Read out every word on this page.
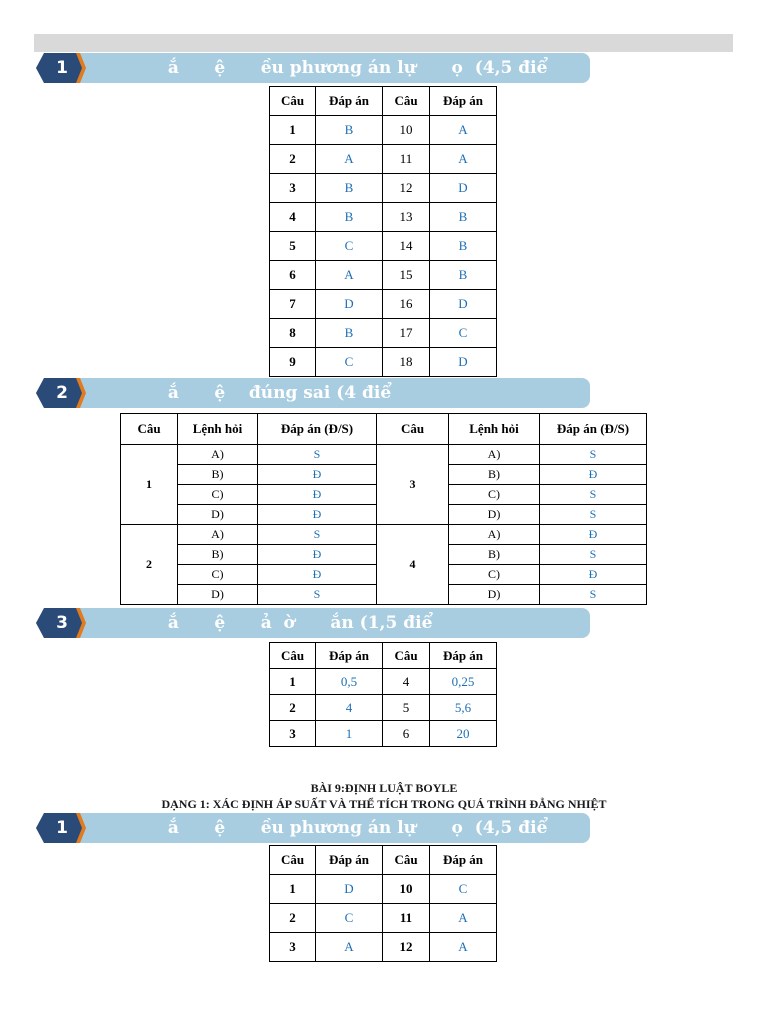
1	ắ      ệ      ều phương án lự      ọ  (4,5 điể
Câu	Đáp án	Câu	Đáp án
1	B	10	A
2	A	11	A
3	B	12	D
4	B	13	B
5	C	14	B
6	A	15	B
7	D	16	D
8	B	17	C
9	C	18	D
2	ắ      ệ    đúng sai (4 điể
Câu	Lệnh hỏi	Đáp án (Đ/S)	Câu	Lệnh hỏi	Đáp án (Đ/S)
1	A)	S	3	A)	S
	B)	Đ		B)	Đ
	C)	Đ		C)	S
	D)	Đ		D)	S
2	A)	S	4	A)	Đ
	B)	Đ		B)	S
	C)	Đ		C)	Đ
	D)	S		D)	S
3	ắ      ệ      ả  ờ      ắn (1,5 điể
Câu	Đáp án	Câu	Đáp án
1	0,5	4	0,25
2	4	5	5,6
3	1	6	20
BÀI 9:ĐỊNH LUẬT BOYLE
DẠNG 1: XÁC ĐỊNH ÁP SUẤT VÀ THỂ TÍCH TRONG QUÁ TRÌNH ĐẲNG NHIỆT
1	ắ      ệ      ều phương án lự      ọ  (4,5 điể
Câu	Đáp án	Câu	Đáp án
1	D	10	C
2	C	11	A
3	A	12	A
